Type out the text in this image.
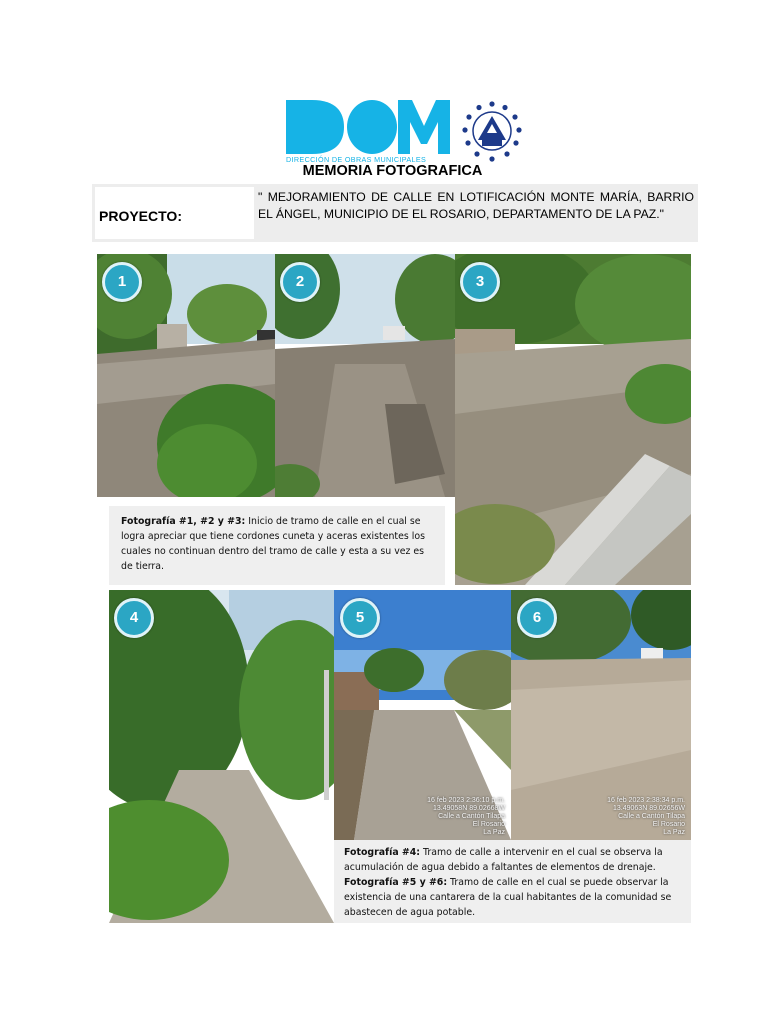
DIRECCIÓN DE OBRAS MUNICIPALES
MEMORIA FOTOGRAFICA
PROYECTO:
" MEJORAMIENTO DE CALLE EN LOTIFICACIÓN MONTE MARÍA, BARRIO EL ÁNGEL, MUNICIPIO DE EL ROSARIO, DEPARTAMENTO DE LA PAZ."
1	2	3
Fotografía #1, #2 y #3: Inicio de tramo de calle en el cual se logra apreciar que tiene cordones cuneta y aceras existentes los cuales no continuan dentro del tramo de calle y esta a su vez es de tierra.
4	5
16 feb 2023 2:36:10 p.m.
13.49058N 89.02668W
Calle a Cantón Tilapa
El Rosario
La Paz
6
16 feb 2023 2:38:34 p.m.
13.49063N 89.02656W
Calle a Cantón Tilapa
El Rosario
La Paz
Fotografía #4: Tramo de calle a intervenir en el cual se observa la acumulación de agua debido a faltantes de elementos de drenaje.
Fotografía #5 y #6: Tramo de calle en el cual se puede observar la existencia de una cantarera de la cual habitantes de la comunidad se abastecen de agua potable.
